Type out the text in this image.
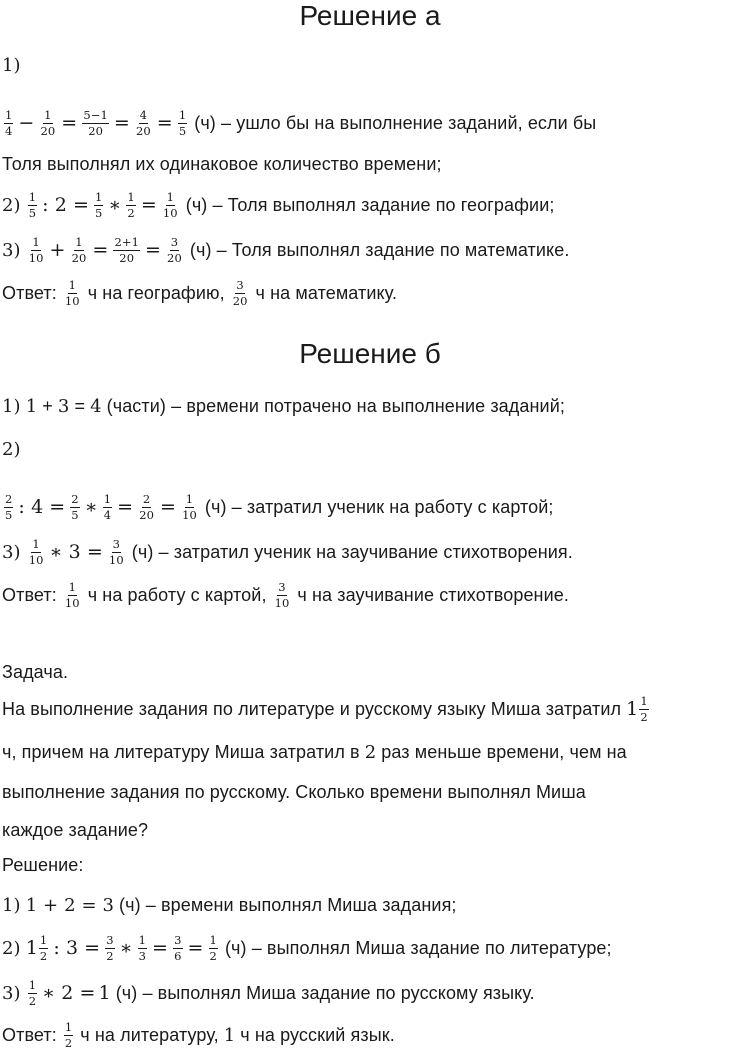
Решение а
1)
$\frac{1}{4} - \frac{1}{20} = \frac{5-1}{20} = \frac{4}{20} = \frac{1}{5} (ч)$ – ушло бы на выполнение заданий, если бы
Толя выполнял их одинаковое количество времени;
$2) \frac{1}{5}$ : $2 = \frac{1}{5}$ ∗ $\frac{1}{2} = \frac{1}{10} (ч)$ – Толя выполнял задание по географии;
$3) \frac{1}{10} + \frac{1}{20} = \frac{2+1}{20} = \frac{3}{20} (ч)$ – Толя выполнял задание по математике.
Ответ: $\frac{1}{10}$ ч на географию, $\frac{3}{20}$ ч на математику.
Решение б
1) 1 + 3 = 4 (части) – времени потрачено на выполнение заданий;
2)
$\frac{2}{5}$ : $4 = \frac{2}{5}$ ∗ $\frac{1}{4} = \frac{2}{20} = \frac{1}{10} (ч)$ – затратил ученик на работу с картой;
$3) \frac{1}{10}$ ∗ $3 = \frac{3}{10} (ч)$ – затратил ученик на заучивание стихотворения.
Ответ: $\frac{1}{10}$ ч на работу с картой, $\frac{3}{10}$ ч на заучивание стихотворение.
Задача.
На выполнение задания по литературе и русскому языку Миша затратил $1 \frac{1}{2}$
ч, причем на литературу Миша затратил в 2 раз меньше времени, чем на
выполнение задания по русскому. Сколько времени выполнял Миша
каждое задание?
Решение:
1) 1 + 2 = 3 (ч) – времени выполнял Миша задания;
2) $1 \frac{1}{2}$ : $3 = \frac{3}{2}$ ∗ $\frac{1}{3} = \frac{3}{6} = \frac{1}{2} (ч)$ – выполнял Миша задание по литературе;
$3) \frac{1}{2}$ ∗ 2 = 1 (ч) – выполнял Миша задание по русскому языку.
Ответ: $\frac{1}{2}$ ч на литературу, 1 ч на русский язык.
